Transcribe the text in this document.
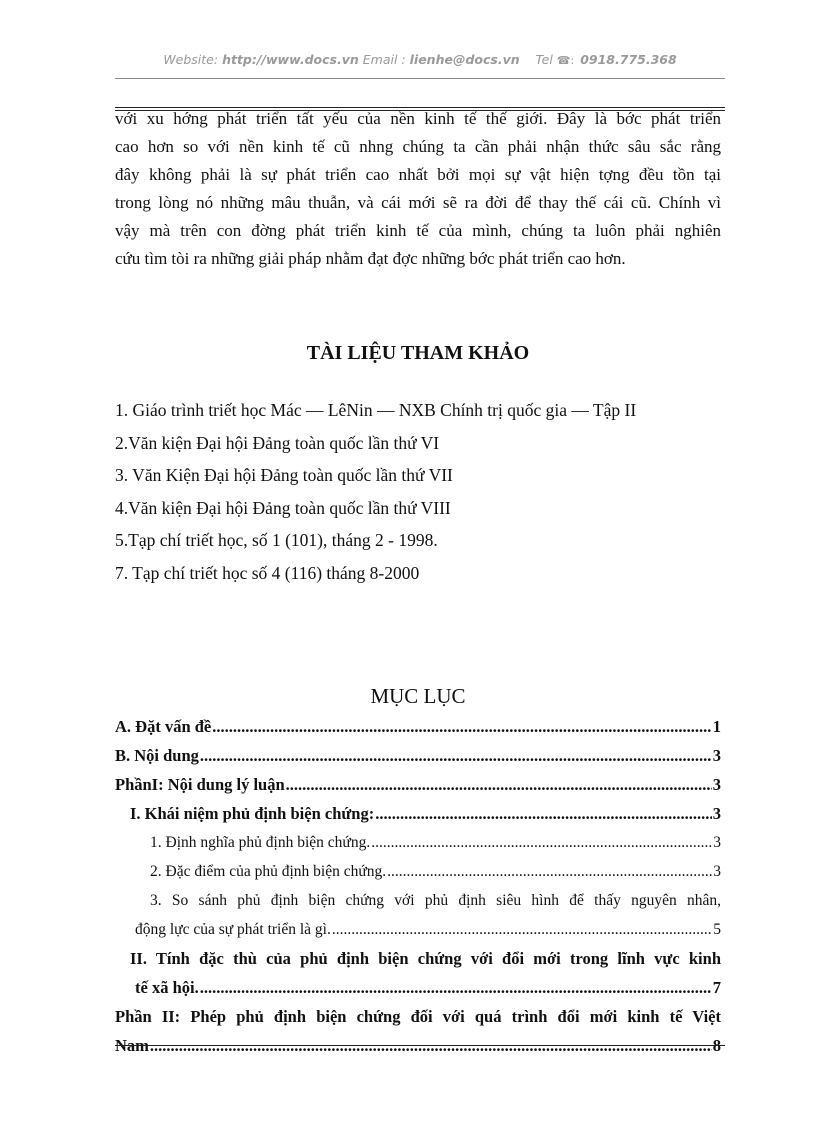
Website: http://www.docs.vn Email : lienhe@docs.vn Tel ☎: 0918.775.368

với xu hớng phát triển tất yếu của nền kinh tế thế giới. Đây là bớc phát triển

cao hơn so với nền kinh tế cũ nhng chúng ta cần phải nhận thức sâu sắc rằng

đây không phải là sự phát triển cao nhất bởi mọi sự vật hiện tợng đều tồn tại

trong lòng nó những mâu thuẫn, và cái mới sẽ ra đời để thay thế cái cũ. Chính vì

vậy mà trên con đờng phát triển kinh tế của mình, chúng ta luôn phải nghiên

cứu tìm tòi ra những giải pháp nhằm đạt đợc những bớc phát triển cao hơn.

TÀI LIỆU THAM KHẢO
1. Giáo trình triết học Mác — LêNin — NXB Chính trị quốc gia — Tập II
2.Văn kiện Đại hội Đảng toàn quốc lần thứ VI
3. Văn Kiện Đại hội Đảng toàn quốc lần thứ VII
4.Văn kiện Đại hội Đảng toàn quốc lần thứ VIII
5.Tạp chí triết học, số 1 (101), tháng 2 - 1998.
7. Tạp chí triết học số 4 (116) tháng 8-2000
MỤC LỤC
A. Đặt vấn đề .....	1
B. Nội dung .....	3
PhầnI: Nội dung lý luận .....	3
I. Khái niệm phủ định biện chứng: .....	3
1. Định nghĩa phủ định biện chứng. .....	3
2. Đặc điểm của phủ định biện chứng. .....	3
3. So sánh phủ định biện chứng với phủ định siêu hình để thấy nguyên nhân,
động lực của sự phát triển là gì. .....	5
II. Tính đặc thù của phủ định biện chứng với đổi mới trong lĩnh vực kinh
tế xã hội. .....	7
Phần II: Phép phủ định biện chứng đối với quá trình đổi mới kinh tế Việt
Nam .....	8
